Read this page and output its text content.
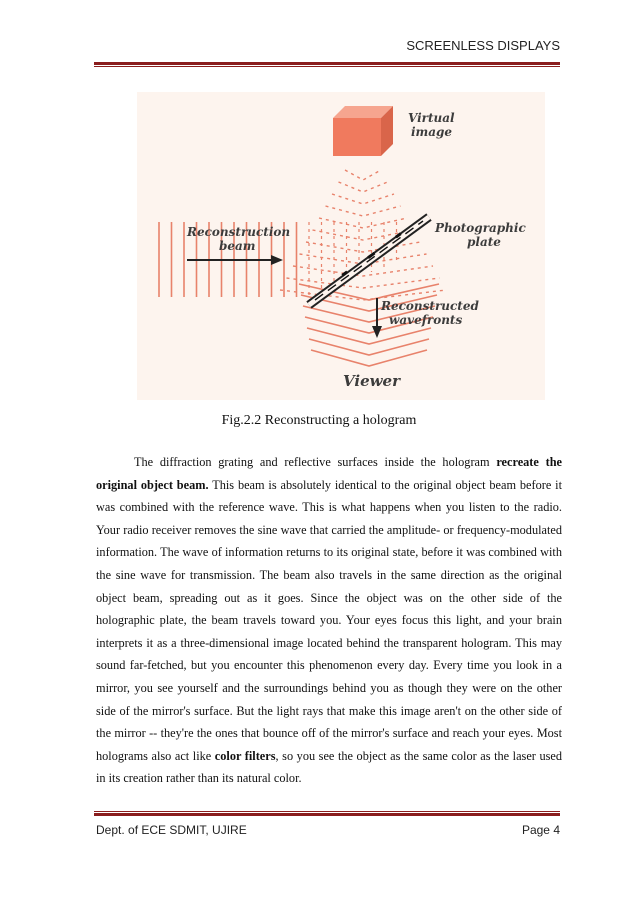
SCREENLESS DISPLAYS
Virtual image
Reconstruction beam
Photographic plate
Reconstructed wavefronts
Viewer
Fig.2.2 Reconstructing a hologram

The diffraction grating and reflective surfaces inside the hologram recreate the original object beam. This beam is absolutely identical to the original object beam before it was combined with the reference wave. This is what happens when you listen to the radio. Your radio receiver removes the sine wave that carried the amplitude- or frequency-modulated information. The wave of information returns to its original state, before it was combined with the sine wave for transmission. The beam also travels in the same direction as the original object beam, spreading out as it goes. Since the object was on the other side of the holographic plate, the beam travels toward you. Your eyes focus this light, and your brain interprets it as a three-dimensional image located behind the transparent hologram. This may sound far-fetched, but you encounter this phenomenon every day. Every time you look in a mirror, you see yourself and the surroundings behind you as though they were on the other side of the mirror's surface. But the light rays that make this image aren't on the other side of the mirror -- they're the ones that bounce off of the mirror's surface and reach your eyes. Most holograms also act like color filters, so you see the object as the same color as the laser used in its creation rather than its natural color.

Dept. of ECE SDMIT, UJIRE	Page 4
